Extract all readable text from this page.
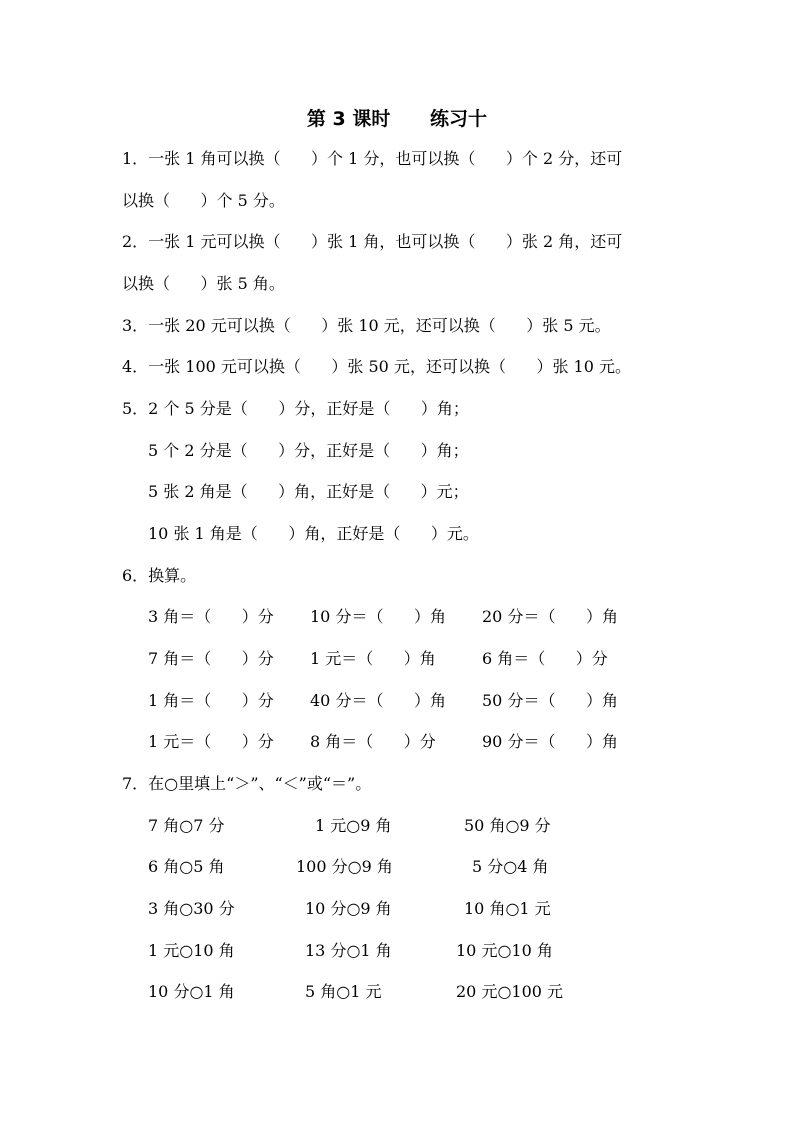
第 3 课时      练习十
1．一张 1 角可以换（      ）个 1 分，也可以换（      ）个 2 分，还可
以换（      ）个 5 分。
2．一张 1 元可以换（      ）张 1 角，也可以换（      ）张 2 角，还可
以换（      ）张 5 角。
3．一张 20 元可以换（      ）张 10 元，还可以换（      ）张 5 元。
4．一张 100 元可以换（      ）张 50 元，还可以换（      ）张 10 元。
5．2 个 5 分是（      ）分，正好是（      ）角；
5 个 2 分是（      ）分，正好是（      ）角；
5 张 2 角是（      ）角，正好是（      ）元；
10 张 1 角是（      ）角，正好是（      ）元。
6．换算。
3 角＝（      ）分 10 分＝（      ）角 20 分＝（      ）角
7 角＝（      ）分 1 元＝（      ）角	6 角＝（      ）分
1 角＝（      ）分 40 分＝（      ）角 50 分＝（      ）角
1 元＝（      ）分 8 角＝（      ）分	90 分＝（      ）角
7．在○里填上“＞”、“＜”或“＝”。
7 角○7 分	1 元○9 角	50 角○9 分
6 角○5 角	100 分○9 角	5 分○4 角
3 角○30 分	10 分○9 角	10 角○1 元
1 元○10 角	13 分○1 角	10 元○10 角
10 分○1 角	5 角○1 元	20 元○100 元
